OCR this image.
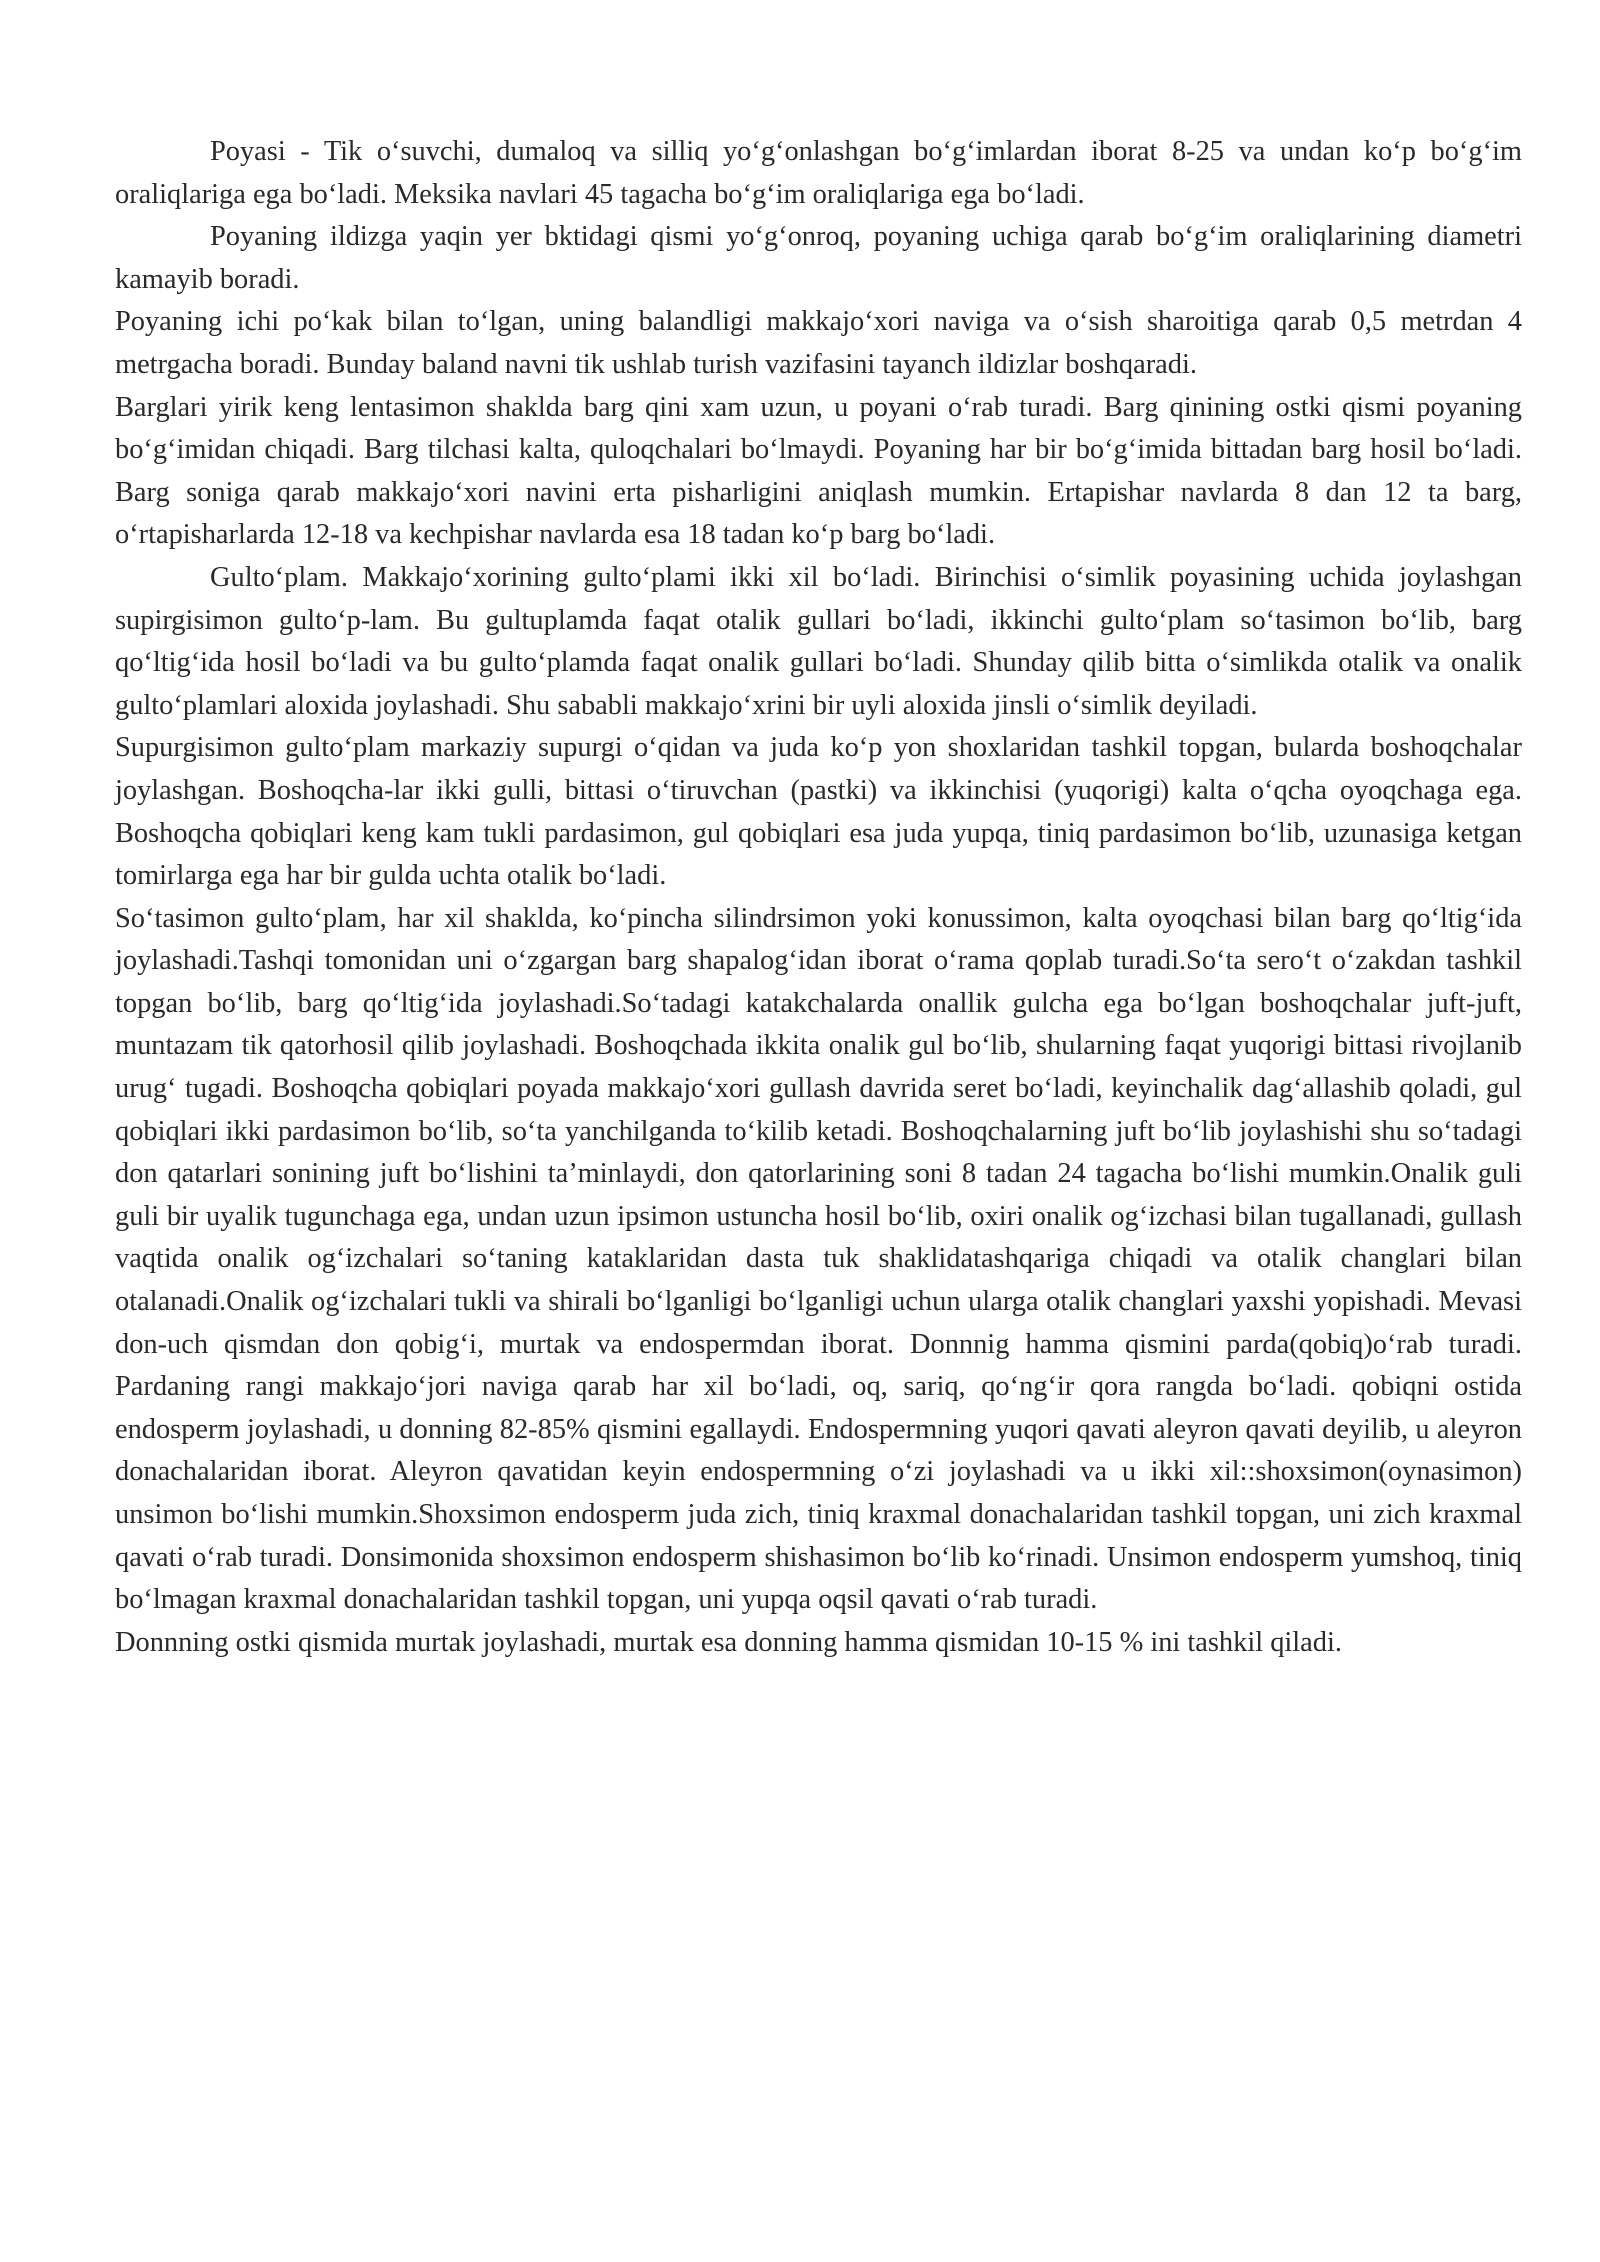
Poyasi - Tik o‘suvchi, dumaloq va silliq yo‘g‘onlashgan bo‘g‘imlardan iborat 8-25 va undan ko‘p bo‘g‘im oraliqlariga ega bo‘ladi. Meksika navlari 45 tagacha bo‘g‘im oraliqlariga ega bo‘ladi.

Poyaning ildizga yaqin yer bktidagi qismi yo‘g‘onroq, poyaning uchiga qarab bo‘g‘im oraliqlarining diametri kamayib boradi.

Poyaning ichi po‘kak bilan to‘lgan, uning balandligi makkajo‘xori naviga va o‘sish sharoitiga qarab 0,5 metrdan 4 metrgacha boradi. Bunday baland navni tik ushlab turish vazifasini tayanch ildizlar boshqaradi.

Barglari yirik keng lentasimon shaklda barg qini xam uzun, u poyani o‘rab turadi. Barg qinining ostki qismi poyaning bo‘g‘imidan chiqadi. Barg tilchasi kalta, quloqchalari bo‘lmaydi. Poyaning har bir bo‘g‘imida bittadan barg hosil bo‘ladi. Barg soniga qarab makkajo‘xori navini erta pisharligini aniqlash mumkin. Ertapishar navlarda 8 dan 12 ta barg, o‘rtapisharlarda 12-18 va kechpishar navlarda esa 18 tadan ko‘p barg bo‘ladi.

Gulto‘plam. Makkajo‘xorining gulto‘plami ikki xil bo‘ladi. Birinchisi o‘simlik poyasining uchida joylashgan supirgisimon gulto‘p-lam. Bu gultuplamda faqat otalik gullari bo‘ladi, ikkinchi gulto‘plam so‘tasimon bo‘lib, barg qo‘ltig‘ida hosil bo‘ladi va bu gulto‘plamda faqat onalik gullari bo‘ladi. Shunday qilib bitta o‘simlikda otalik va onalik gulto‘plamlari aloxida joylashadi. Shu sababli makkajo‘xrini bir uyli aloxida jinsli o‘simlik deyiladi.

Supurgisimon gulto‘plam markaziy supurgi o‘qidan va juda ko‘p yon shoxlaridan tashkil topgan, bularda boshoqchalar joylashgan. Boshoqcha-lar ikki gulli, bittasi o‘tiruvchan (pastki) va ikkinchisi (yuqorigi) kalta o‘qcha oyoqchaga ega. Boshoqcha qobiqlari keng kam tukli pardasimon, gul qobiqlari esa juda yupqa, tiniq pardasimon bo‘lib, uzunasiga ketgan tomirlarga ega har bir gulda uchta otalik bo‘ladi.

So‘tasimon gulto‘plam, har xil shaklda, ko‘pincha silindrsimon yoki konussimon, kalta oyoqchasi bilan barg qo‘ltig‘ida joylashadi.Tashqi tomonidan uni o‘zgargan barg shapalog‘idan iborat o‘rama qoplab turadi.So‘ta sero‘t o‘zakdan tashkil topgan bo‘lib, barg qo‘ltig‘ida joylashadi.So‘tadagi katakchalarda onallik gulcha ega bo‘lgan boshoqchalar juft-juft, muntazam tik qatorhosil qilib joylashadi. Boshoqchada ikkita onalik gul bo‘lib, shularning faqat yuqorigi bittasi rivojlanib urug‘ tugadi. Boshoqcha qobiqlari poyada makkajo‘xori gullash davrida seret bo‘ladi, keyinchalik dag‘allashib qoladi, gul qobiqlari ikki pardasimon bo‘lib, so‘ta yanchilganda to‘kilib ketadi. Boshoqchalarning juft bo‘lib joylashishi shu so‘tadagi don qatarlari sonining juft bo‘lishini ta’minlaydi, don qatorlarining soni 8 tadan 24 tagacha bo‘lishi mumkin.Onalik guli guli bir uyalik tugunchaga ega, undan uzun ipsimon ustuncha hosil bo‘lib, oxiri onalik og‘izchasi bilan tugallanadi, gullash vaqtida onalik og‘izchalari so‘taning kataklaridan dasta tuk shaklidatashqariga chiqadi va otalik changlari bilan otalanadi.Onalik og‘izchalari tukli va shirali bo‘lganligi bo‘lganligi uchun ularga otalik changlari yaxshi yopishadi. Mevasi don-uch qismdan don qobig‘i, murtak va endospermdan iborat. Donnnig hamma qismini parda(qobiq)o‘rab turadi. Pardaning rangi makkajo‘jori naviga qarab har xil bo‘ladi, oq, sariq, qo‘ng‘ir qora rangda bo‘ladi. qobiqni ostida endosperm joylashadi, u donning 82-85% qismini egallaydi. Endospermning yuqori qavati aleyron qavati deyilib, u aleyron donachalaridan iborat. Aleyron qavatidan keyin endospermning o‘zi joylashadi va u ikki xil::shoxsimon(oynasimon) unsimon bo‘lishi mumkin.Shoxsimon endosperm juda zich, tiniq kraxmal donachalaridan tashkil topgan, uni zich kraxmal qavati o‘rab turadi. Donsimonida shoxsimon endosperm shishasimon bo‘lib ko‘rinadi. Unsimon endosperm yumshoq, tiniq bo‘lmagan kraxmal donachalaridan tashkil topgan, uni yupqa oqsil qavati o‘rab turadi.

Donnning ostki qismida murtak joylashadi, murtak esa donning hamma qismidan 10-15 % ini tashkil qiladi.
